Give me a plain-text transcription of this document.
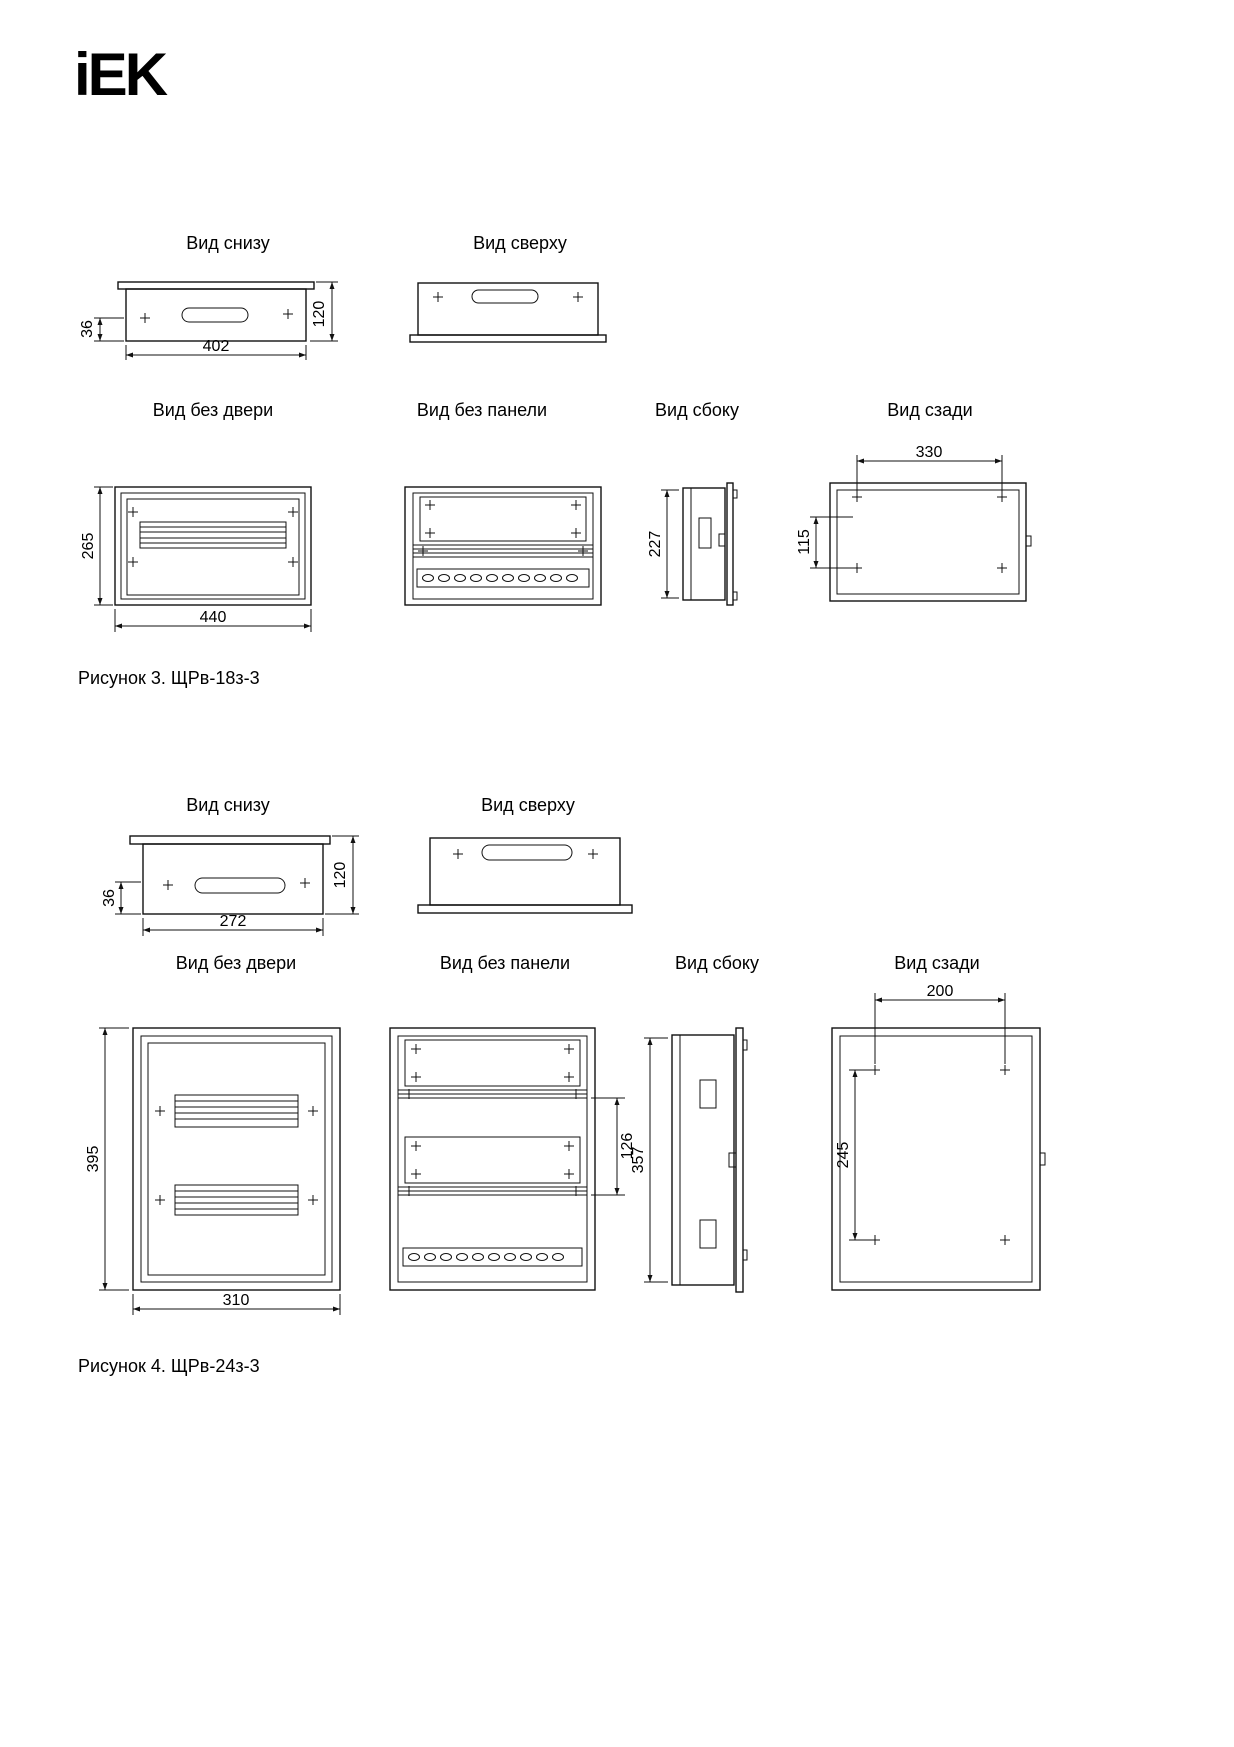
iEK
Вид снизу	Вид сверху
36
402
120
Вид без двери	Вид без панели	Вид сбоку	Вид сзади
265
440
227
330
115
Рисунок 3. ЩРв-18з-3
Вид снизу	Вид сверху
36
272
120
Вид без двери	Вид без панели	Вид сбоку	Вид сзади
395
310
126
357
200
245
Рисунок 4. ЩРв-24з-3
